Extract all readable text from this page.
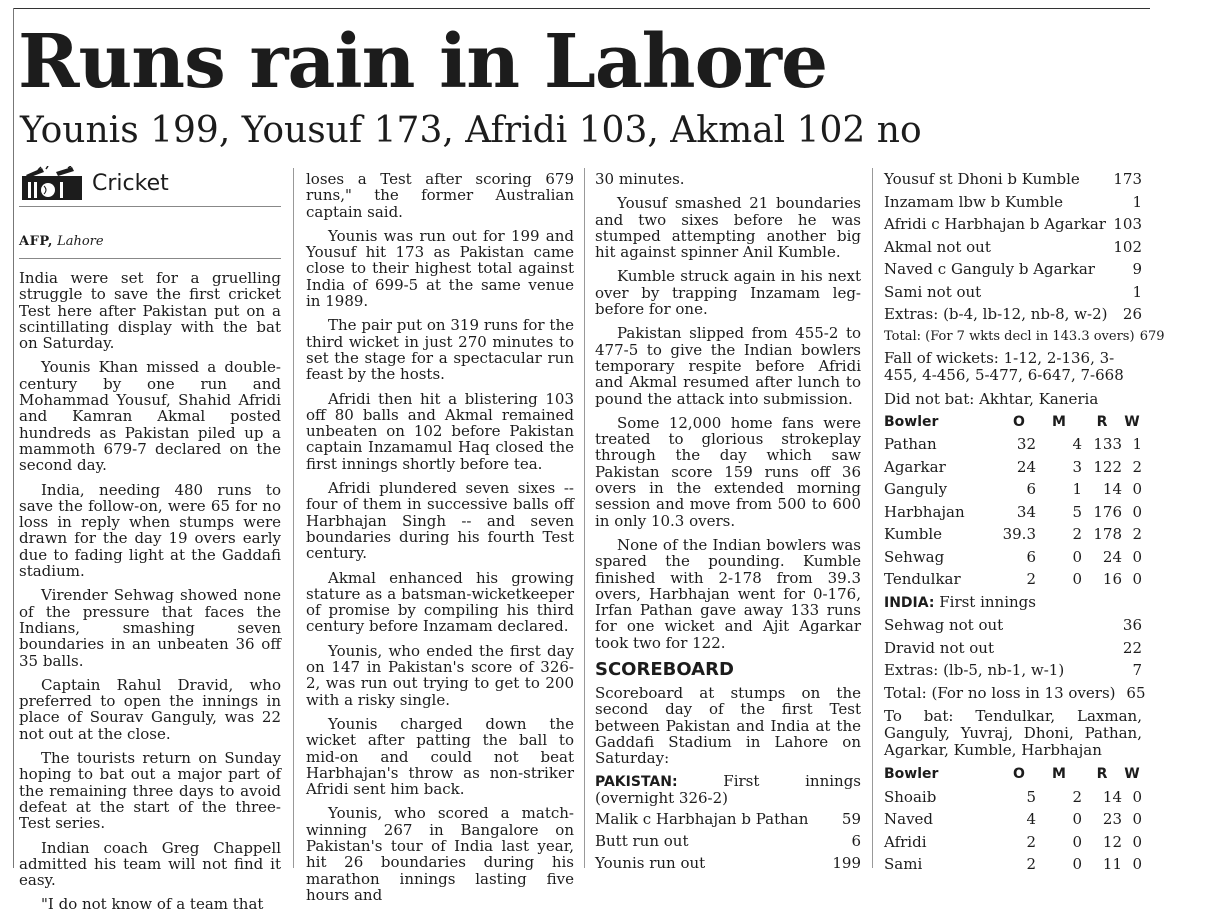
Runs rain in Lahore
Younis 199, Yousuf 173, Afridi 103, Akmal 102 no
Cricket
AFP, Lahore

India were set for a gruelling struggle to save the first cricket Test here after Pakistan put on a scintillating display with the bat on Saturday.

Younis Khan missed a double-century by one run and Mohammad Yousuf, Shahid Afridi and Kamran Akmal posted hundreds as Pakistan piled up a mammoth 679-7 declared on the second day.

India, needing 480 runs to save the follow-on, were 65 for no loss in reply when stumps were drawn for the day 19 overs early due to fading light at the Gaddafi stadium.

Virender Sehwag showed none of the pressure that faces the Indians, smashing seven boundaries in an unbeaten 36 off 35 balls.

Captain Rahul Dravid, who preferred to open the innings in place of Sourav Ganguly, was 22 not out at the close.

The tourists return on Sunday hoping to bat out a major part of the remaining three days to avoid defeat at the start of the three-Test series.

Indian coach Greg Chappell admitted his team will not find it easy.

"I do not know of a team that

loses a Test after scoring 679 runs," the former Australian captain said.

Younis was run out for 199 and Yousuf hit 173 as Pakistan came close to their highest total against India of 699-5 at the same venue in 1989.

The pair put on 319 runs for the third wicket in just 270 minutes to set the stage for a spectacular run feast by the hosts.

Afridi then hit a blistering 103 off 80 balls and Akmal remained unbeaten on 102 before Pakistan captain Inzamamul Haq closed the first innings shortly before tea.

Afridi plundered seven sixes -- four of them in successive balls off Harbhajan Singh -- and seven boundaries during his fourth Test century.

Akmal enhanced his growing stature as a batsman-wicketkeeper of promise by compiling his third century before Inzamam declared.

Younis, who ended the first day on 147 in Pakistan's score of 326-2, was run out trying to get to 200 with a risky single.

Younis charged down the wicket after patting the ball to mid-on and could not beat Harbhajan's throw as non-striker Afridi sent him back.

Younis, who scored a match-winning 267 in Bangalore on Pakistan's tour of India last year, hit 26 boundaries during his marathon innings lasting five hours and

30 minutes.

Yousuf smashed 21 boundaries and two sixes before he was stumped attempting another big hit against spinner Anil Kumble.

Kumble struck again in his next over by trapping Inzamam leg-before for one.

Pakistan slipped from 455-2 to 477-5 to give the Indian bowlers temporary respite before Afridi and Akmal resumed after lunch to pound the attack into submission.

Some 12,000 home fans were treated to glorious strokeplay through the day which saw Pakistan score 159 runs off 36 overs in the extended morning session and move from 500 to 600 in only 10.3 overs.

None of the Indian bowlers was spared the pounding. Kumble finished with 2-178 from 39.3 overs, Harbhajan went for 0-176, Irfan Pathan gave away 133 runs for one wicket and Ajit Agarkar took two for 122.

SCOREBOARD

Scoreboard at stumps on the second day of the first Test between Pakistan and India at the Gaddafi Stadium in Lahore on Saturday:

PAKISTAN:	First innings (overnight 326-2)

Malik c Harbhajan b Pathan 59
Butt run out	6
Younis run out	199
Yousuf st Dhoni b Kumble 173
Inzamam lbw b Kumble	1
Afridi c Harbhajan b Agarkar 103
Akmal not out	102
Naved c Ganguly b Agarkar	9
Sami not out	1
Extras: (b-4, lb-12, nb-8, w-2)	26
Total: (For 7 wkts decl in 143.3 overs) 679
Fall of wickets: 1-12, 2-136, 3-455, 4-456, 5-477, 6-647, 7-668
Did not bat: Akhtar, Kaneria
Bowler	O	M	R	W
Pathan	32	4 133 1
Agarkar	24	3 122 2
Ganguly	6	1	14 0
Harbhajan	34	5 176 0
Kumble	39.3	2 178 2
Sehwag	6	0	24 0
Tendulkar	2	0	16 0
INDIA: First innings
Sehwag not out	36
Dravid not out	22
Extras: (lb-5, nb-1, w-1)	7
Total: (For no loss in 13 overs) 65
To bat: Tendulkar, Laxman, Ganguly, Yuvraj, Dhoni, Pathan, Agarkar, Kumble, Harbhajan
Bowler	O	M	R	W
Shoaib	5	2	14 0
Naved	4	0	23 0
Afridi	2	0	12 0
Sami	2	0	11 0
